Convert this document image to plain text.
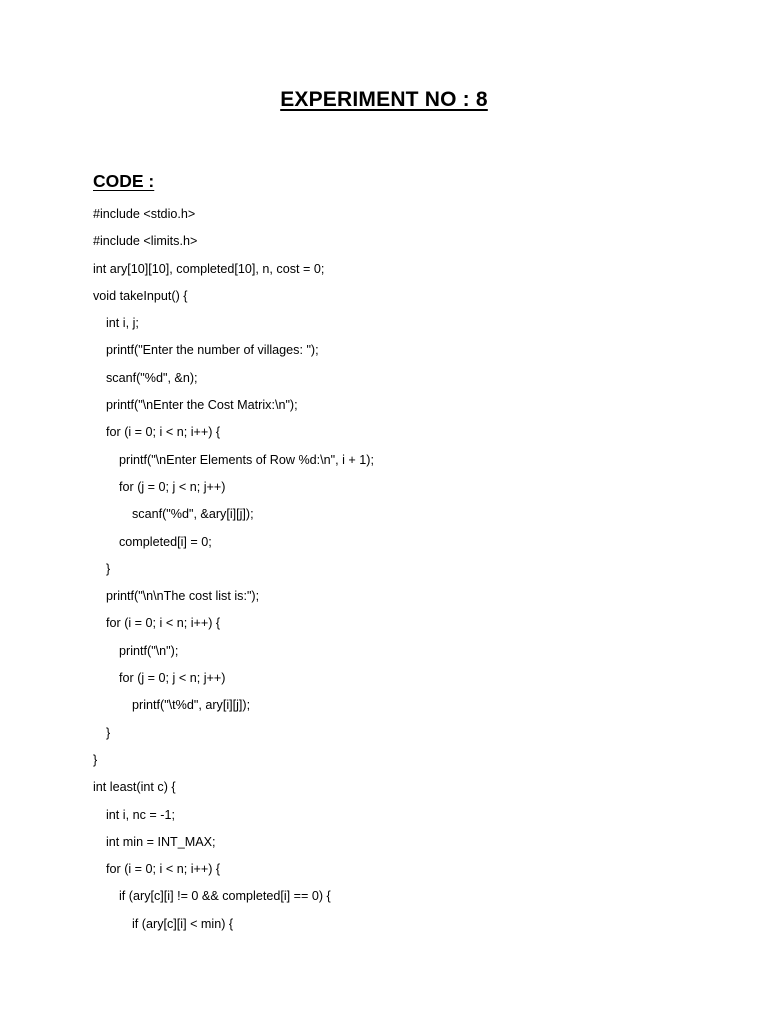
EXPERIMENT NO : 8
CODE :
#include <stdio.h>
#include <limits.h>
int ary[10][10], completed[10], n, cost = 0;
void takeInput() {
int i, j;
printf("Enter the number of villages: ");
scanf("%d", &n);
printf("\nEnter the Cost Matrix:\n");
for (i = 0; i < n; i++) {
printf("\nEnter Elements of Row %d:\n", i + 1);
for (j = 0; j < n; j++)
scanf("%d", &ary[i][j]);
completed[i] = 0;
}
printf("\n\nThe cost list is:");
for (i = 0; i < n; i++) {
printf("\n");
for (j = 0; j < n; j++)
printf("\t%d", ary[i][j]);
}
}
int least(int c) {
int i, nc = -1;
int min = INT_MAX;
for (i = 0; i < n; i++) {
if (ary[c][i] != 0 && completed[i] == 0) {
if (ary[c][i] < min) {
